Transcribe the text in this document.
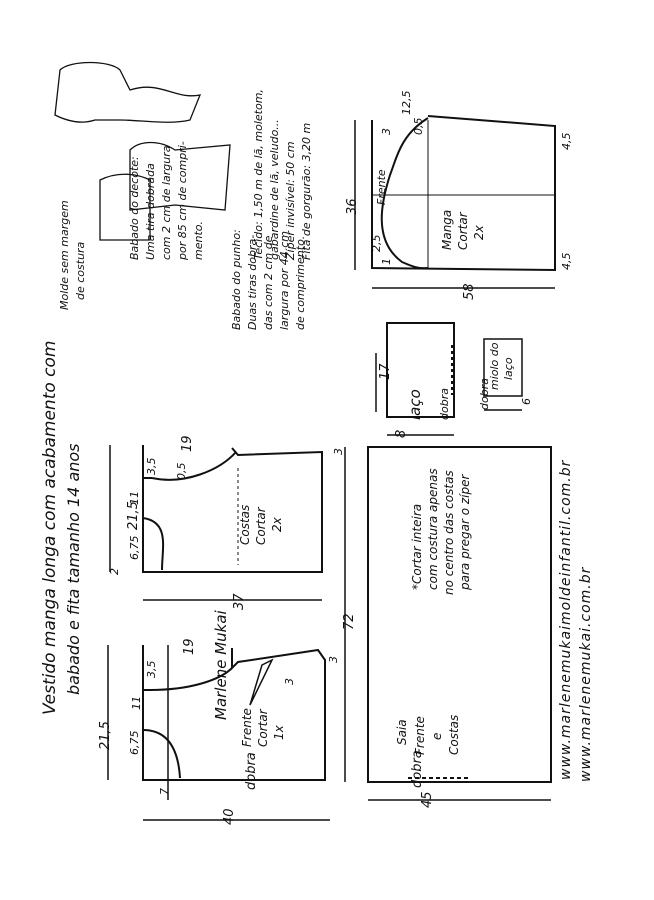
Vestido manga longa com acabamento com babado e fita tamanho 14 anos	Marlene Mukai
Frente Cortar 1x
dobra
21,5
19
3,5
11
6,75
7
3
3
40
Costas Cortar 2x
21,5
19
3,5 0,5
11
6,75
2
3
37
Saia Frente e Costas
dobra
*Cortar inteira com costura apenas no centro das costas para pregar o zíper
72
45
Babado do decote: Uma tira dobrada com 2 cm de largura por 85 cm de compri- mento. Babado do punho: Duas tiras dobra- das com 2 cm de largura por 44 cm de comprimento.
Molde sem margem de costura
Tecido: 1,50 m de lã, moletom, gabardine de lã, veludo... Zíper invisível: 50 cm Fita de gorgurão: 3,20 m	Manga Cortar 2x
Frente
36
58
3 0,5
12,5
4,5
4,5
2,5
1
laço dobra
17
8
miolo do laço
dobra	6
www.marlenemukaimoldeinfantil.com.br www.marlenemukai.com.br
